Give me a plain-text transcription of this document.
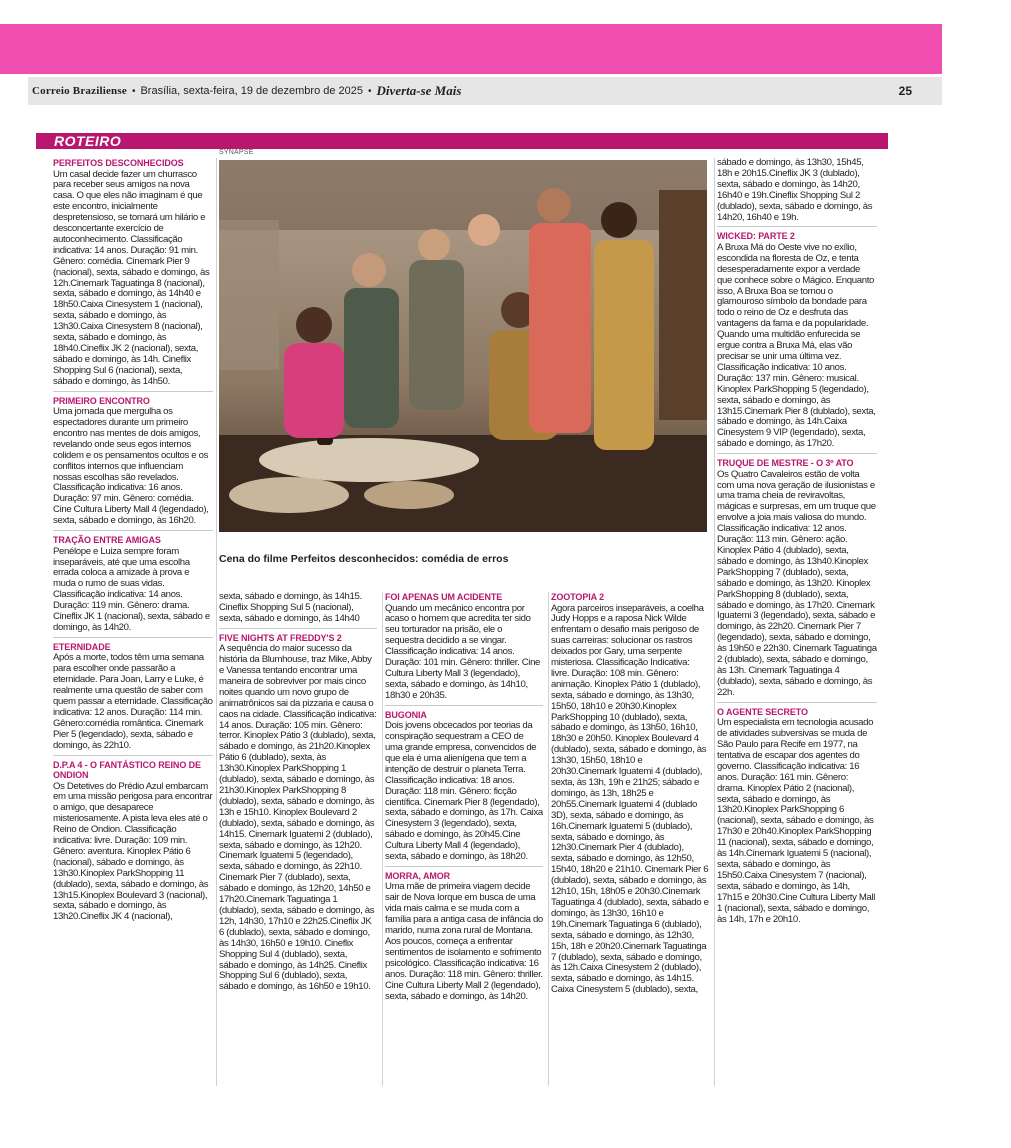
Correio Braziliense • Brasília, sexta-feira, 19 de dezembro de 2025 • Diverta-se Mais	25
ROTEIRO
SYNAPSE
Cena do filme Perfeitos desconhecidos: comédia de erros
PERFEITOS DESCONHECIDOS

Um casal decide fazer um churrasco para receber seus amigos na nova casa. O que eles não imaginam é que este encontro, inicialmente despretensioso, se tornará um hilário e desconcertante exercício de autoconhecimento. Classificação indicativa: 14 anos. Duração: 91 min. Gênero: comédia. Cinemark Pier 9 (nacional), sexta, sábado e domingo, às 12h.Cinemark Taguatinga 8 (nacional), sexta, sábado e domingo, às 14h40 e 18h50.Caixa Cinesystem 1 (nacional), sexta, sábado e domingo, às 13h30.Caixa Cinesystem 8 (nacional), sexta, sábado e domingo, às 18h40.Cineflix JK 2 (nacional), sexta, sábado e domingo, às 14h. Cineflix Shopping Sul 6 (nacional), sexta, sábado e domingo, às 14h50.

PRIMEIRO ENCONTRO

Uma jornada que mergulha os espectadores durante um primeiro encontro nas mentes de dois amigos, revelando onde seus egos internos colidem e os pensamentos ocultos e os conflitos internos que influenciam nossas escolhas são revelados. Classificação indicativa: 16 anos. Duração: 97 min. Gênero: comédia. Cine Cultura Liberty Mall 4 (legendado), sexta, sábado e domingo, às 16h20.

TRAÇÃO ENTRE AMIGAS

Penélope e Luiza sempre foram inseparáveis, até que uma escolha errada coloca a amizade à prova e muda o rumo de suas vidas. Classificação indicativa: 14 anos. Duração: 119 min. Gênero: drama. Cineflix JK 1 (nacional), sexta, sábado e domingo, às 14h20.

ETERNIDADE

Após a morte, todos têm uma semana para escolher onde passarão a eternidade. Para Joan, Larry e Luke, é realmente uma questão de saber com quem passar a eternidade. Classificação indicativa: 12 anos. Duração: 114 min. Gênero:comédia romântica. Cinemark Pier 5 (legendado), sexta, sábado e domingo, às 22h10.

D.P.A 4 - O FANTÁSTICO REINO DE ONDION

Os Detetives do Prédio Azul embarcam em uma missão perigosa para encontrar o amigo, que desaparece misteriosamente. A pista leva eles até o Reino de Ondion. Classificação indicativa: livre. Duração: 109 min. Gênero: aventura. Kinoplex Pátio 6 (nacional), sábado e domingo, às 13h30.Kinoplex ParkShopping 11 (dublado), sexta, sábado e domingo, às 13h15.Kinoplex Boulevard 3 (nacional), sexta, sábado e domingo, às 13h20.Cineflix JK 4 (nacional),

sexta, sábado e domingo, às 14h15. Cineflix Shopping Sul 5 (nacional), sexta, sábado e domingo, às 14h40

FIVE NIGHTS AT FREDDY'S 2

A sequência do maior sucesso da história da Blumhouse, traz Mike, Abby e Vanessa tentando encontrar uma maneira de sobreviver por mais cinco noites quando um novo grupo de animatrônicos sai da pizzaria e causa o caos na cidade. Classificação indicativa: 14 anos. Duração: 105 min. Gênero: terror. Kinoplex Pátio 3 (dublado), sexta, sábado e domingo, às 21h20.Kinoplex Pátio 6 (dublado), sexta, às 13h30.Kinoplex ParkShopping 1 (dublado), sexta, sábado e domingo, às 21h30.Kinoplex ParkShopping 8 (dublado), sexta, sábado e domingo, às 13h e 15h10. Kinoplex Boulevard 2 (dublado), sexta, sábado e domingo, às 14h15. Cinemark Iguatemi 2 (dublado), sexta, sábado e domingo, às 12h20. Cinemark Iguatemi 5 (legendado), sexta, sábado e domingo, às 22h10. Cinemark Pier 7 (dublado), sexta, sábado e domingo, às 12h20, 14h50 e 17h20.Cinemark Taguatinga 1 (dublado), sexta, sábado e domingo, às 12h, 14h30, 17h10 e 22h25.Cineflix JK 6 (dublado), sexta, sábado e domingo, às 14h30, 16h50 e 19h10. Cineflix Shopping Sul 4 (dublado), sexta, sábado e domingo, às 14h25. Cineflix Shopping Sul 6 (dublado), sexta, sábado e domingo, às 16h50 e 19h10.

FOI APENAS UM ACIDENTE

Quando um mecânico encontra por acaso o homem que acredita ter sido seu torturador na prisão, ele o sequestra decidido a se vingar. Classificação indicativa: 14 anos. Duração: 101 min. Gênero: thriller. Cine Cultura Liberty Mall 3 (legendado), sexta, sábado e domingo, às 14h10, 18h30 e 20h35.

BUGONIA

Dois jovens obcecados por teorias da conspiração sequestram a CEO de uma grande empresa, convencidos de que ela é uma alienígena que tem a intenção de destruir o planeta Terra. Classificação indicativa: 18 anos. Duração: 118 min. Gênero: ficção científica. Cinemark Pier 8 (legendado), sexta, sábado e domingo, às 17h. Caixa Cinesystem 3 (legendado), sexta, sábado e domingo, às 20h45.Cine Cultura Liberty Mall 4 (legendado), sexta, sábado e domingo, às 18h20.

MORRA, AMOR

Uma mãe de primeira viagem decide sair de Nova Iorque em busca de uma vida mais calma e se muda com a família para a antiga casa de infância do marido, numa zona rural de Montana. Aos poucos, começa a enfrentar sentimentos de isolamento e sofrimento psicológico. Classificação indicativa: 16 anos. Duração: 118 min. Gênero: thriller. Cine Cultura Liberty Mall 2 (legendado), sexta, sábado e domingo, às 14h20.

ZOOTOPIA 2

Agora parceiros inseparáveis, a coelha Judy Hopps e a raposa Nick Wilde enfrentam o desafio mais perigoso de suas carreiras: solucionar os rastros deixados por Gary, uma serpente misteriosa. Classificação Indicativa: livre. Duração: 108 min. Gênero: animação. Kinoplex Pátio 1 (dublado), sexta, sábado e domingo, às 13h30, 15h50, 18h10 e 20h30.Kinoplex ParkShopping 10 (dublado), sexta, sábado e domingo, às 13h50, 16h10, 18h30 e 20h50. Kinoplex Boulevard 4 (dublado), sexta, sábado e domingo, às 13h30, 15h50, 18h10 e 20h30.Cinemark Iguatemi 4 (dublado), sexta, às 13h, 19h e 21h25; sábado e domingo, às 13h, 18h25 e 20h55.Cinemark Iguatemi 4 (dublado 3D), sexta, sábado e domingo, às 16h.Cinemark Iguatemi 5 (dublado), sexta, sábado e domingo, às 12h30.Cinemark Pier 4 (dublado), sexta, sábado e domingo, às 12h50, 15h40, 18h20 e 21h10. Cinemark Pier 6 (dublado), sexta, sábado e domingo, às 12h10, 15h, 18h05 e 20h30.Cinemark Taguatinga 4 (dublado), sexta, sábado e domingo, às 13h30, 16h10 e 19h.Cinemark Taguatinga 6 (dublado), sexta, sábado e domingo, às 12h30, 15h, 18h e 20h20.Cinemark Taguatinga 7 (dublado), sexta, sábado e domingo, às 12h.Caixa Cinesystem 2 (dublado), sexta, sábado e domingo, às 14h15. Caixa Cinesystem 5 (dublado), sexta,

sábado e domingo, às 13h30, 15h45, 18h e 20h15.Cineflix JK 3 (dublado), sexta, sábado e domingo, às 14h20, 16h40 e 19h.Cineflix Shopping Sul 2 (dublado), sexta, sábado e domingo, às 14h20, 16h40 e 19h.

WICKED: PARTE 2

A Bruxa Má do Oeste vive no exílio, escondida na floresta de Oz, e tenta desesperadamente expor a verdade que conhece sobre o Mágico. Enquanto isso, A Bruxa Boa se tornou o glamouroso símbolo da bondade para todo o reino de Oz e desfruta das vantagens da fama e da popularidade. Quando uma multidão enfurecida se ergue contra a Bruxa Má, elas vão precisar se unir uma última vez. Classificação indicativa: 10 anos. Duração: 137 min. Gênero: musical. Kinoplex ParkShopping 5 (legendado), sexta, sábado e domingo, às 13h15.Cinemark Pier 8 (dublado), sexta, sábado e domingo, às 14h.Caixa Cinesystem 9 VIP (legendado), sexta, sábado e domingo, às 17h20.

TRUQUE DE MESTRE - O 3º ATO

Os Quatro Cavaleiros estão de volta com uma nova geração de ilusionistas e uma trama cheia de reviravoltas, mágicas e surpresas, em um truque que envolve a joia mais valiosa do mundo. Classificação indicativa: 12 anos. Duração: 113 min. Gênero: ação. Kinoplex Pátio 4 (dublado), sexta, sábado e domingo, às 13h40.Kinoplex ParkShopping 7 (dublado), sexta, sábado e domingo, às 13h20. Kinoplex ParkShopping 8 (dublado), sexta, sábado e domingo, às 17h20. Cinemark Iguatemi 3 (legendado), sexta, sábado e domingo, às 22h20. Cinemark Pier 7 (legendado), sexta, sábado e domingo, às 19h50 e 22h30. Cinemark Taguatinga 2 (dublado), sexta, sábado e domingo, às 13h. Cinemark Taguatinga 4 (dublado), sexta, sábado e domingo, às 22h.

O AGENTE SECRETO

Um especialista em tecnologia acusado de atividades subversivas se muda de São Paulo para Recife em 1977, na tentativa de escapar dos agentes do governo. Classificação indicativa: 16 anos. Duração: 161 min. Gênero: drama. Kinoplex Pátio 2 (nacional), sexta, sábado e domingo, às 13h20.Kinoplex ParkShopping 6 (nacional), sexta, sábado e domingo, às 17h30 e 20h40.Kinoplex ParkShopping 11 (nacional), sexta, sábado e domingo, às 14h.Cinemark Iguatemi 5 (nacional), sexta, sábado e domingo, às 15h50.Caixa Cinesystem 7 (nacional), sexta, sábado e domingo, às 14h, 17h15 e 20h30.Cine Cultura Liberty Mall 1 (nacional), sexta, sábado e domingo, às 14h, 17h e 20h10.
